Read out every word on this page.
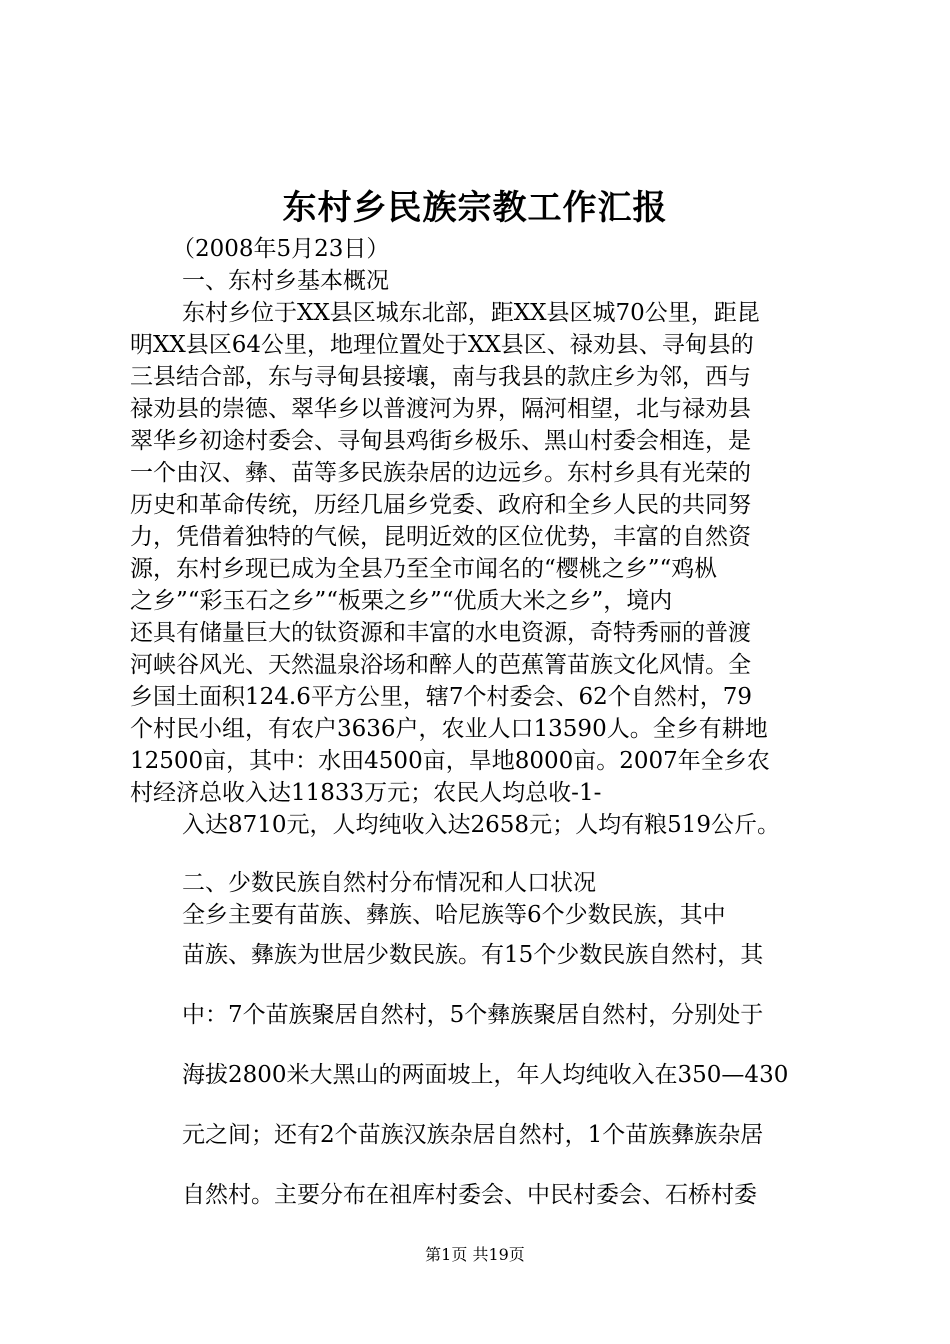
东村乡民族宗教工作汇报
（2008年5月23日）
一、东村乡基本概况
东村乡位于XX县区城东北部，距XX县区城70公里，距昆
明XX县区64公里，地理位置处于XX县区、禄劝县、寻甸县的
三县结合部，东与寻甸县接壤，南与我县的款庄乡为邻，西与
禄劝县的崇德、翠华乡以普渡河为界，隔河相望，北与禄劝县
翠华乡初途村委会、寻甸县鸡街乡极乐、黑山村委会相连，是
一个由汉、彝、苗等多民族杂居的边远乡。东村乡具有光荣的
历史和革命传统，历经几届乡党委、政府和全乡人民的共同努
力，凭借着独特的气候，昆明近效的区位优势，丰富的自然资
源，东村乡现已成为全县乃至全市闻名的“樱桃之乡”“鸡枞
之乡”“彩玉石之乡”“板栗之乡”“优质大米之乡”，境内
还具有储量巨大的钛资源和丰富的水电资源，奇特秀丽的普渡
河峡谷风光、天然温泉浴场和醉人的芭蕉箐苗族文化风情。全
乡国土面积124.6平方公里，辖7个村委会、62个自然村，79
个村民小组，有农户3636户，农业人口13590人。全乡有耕地
12500亩，其中：水田4500亩，旱地8000亩。2007年全乡农
村经济总收入达11833万元；农民人均总收-1-
入达8710元，人均纯收入达2658元；人均有粮519公斤。
二、少数民族自然村分布情况和人口状况
全乡主要有苗族、彝族、哈尼族等6个少数民族，其中
苗族、彝族为世居少数民族。有15个少数民族自然村，其
中：7个苗族聚居自然村，5个彝族聚居自然村，分别处于
海拔2800米大黑山的两面坡上，年人均纯收入在350—430
元之间；还有2个苗族汉族杂居自然村，1个苗族彝族杂居
自然村。主要分布在祖库村委会、中民村委会、石桥村委
第1页 共19页
